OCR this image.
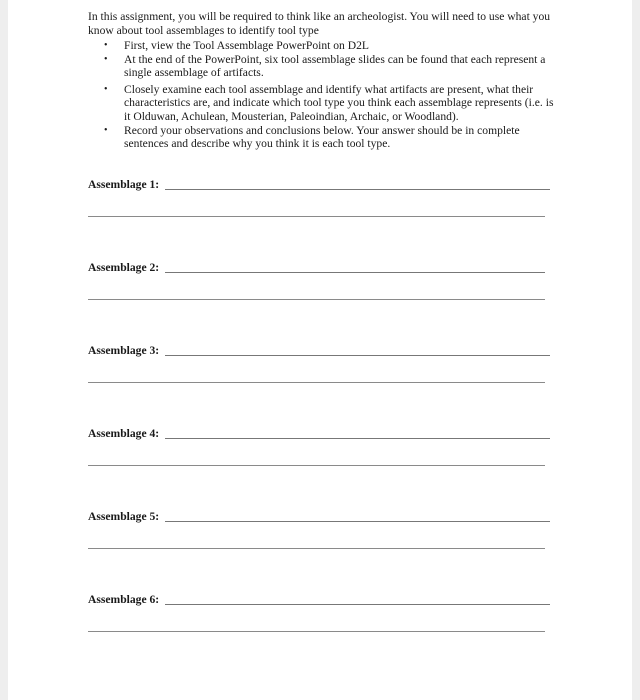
In this assignment, you will be required to think like an archeologist. You will need to use what you know about tool assemblages to identify tool type

• First, view the Tool Assemblage PowerPoint on D2L
• At the end of the PowerPoint, six tool assemblage slides can be found that each represent a single assemblage of artifacts.
• Closely examine each tool assemblage and identify what artifacts are present, what their characteristics are, and indicate which tool type you think each assemblage represents (i.e. is it Olduwan, Achulean, Mousterian, Paleoindian, Archaic, or Woodland).
• Record your observations and conclusions below. Your answer should be in complete sentences and describe why you think it is each tool type.
Assemblage 1:
Assemblage 2:
Assemblage 3:
Assemblage 4:
Assemblage 5:
Assemblage 6:
